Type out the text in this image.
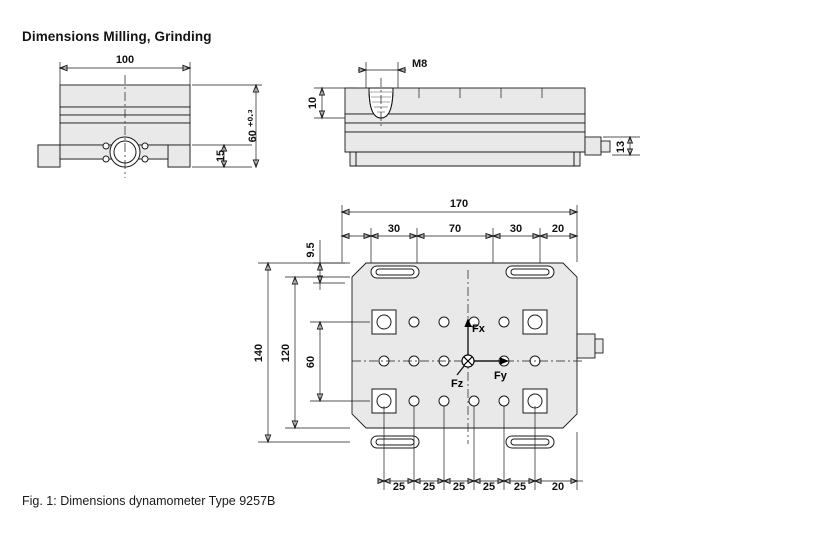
Dimensions Milling, Grinding
100
60 ⁺⁰·³
15
M8
10
13
170
30	70	30	20
9.5
Fx
Fy
Fz
140 120 60
25 25 25 25 25 20
Fig. 1: Dimensions dynamometer Type 9257B
